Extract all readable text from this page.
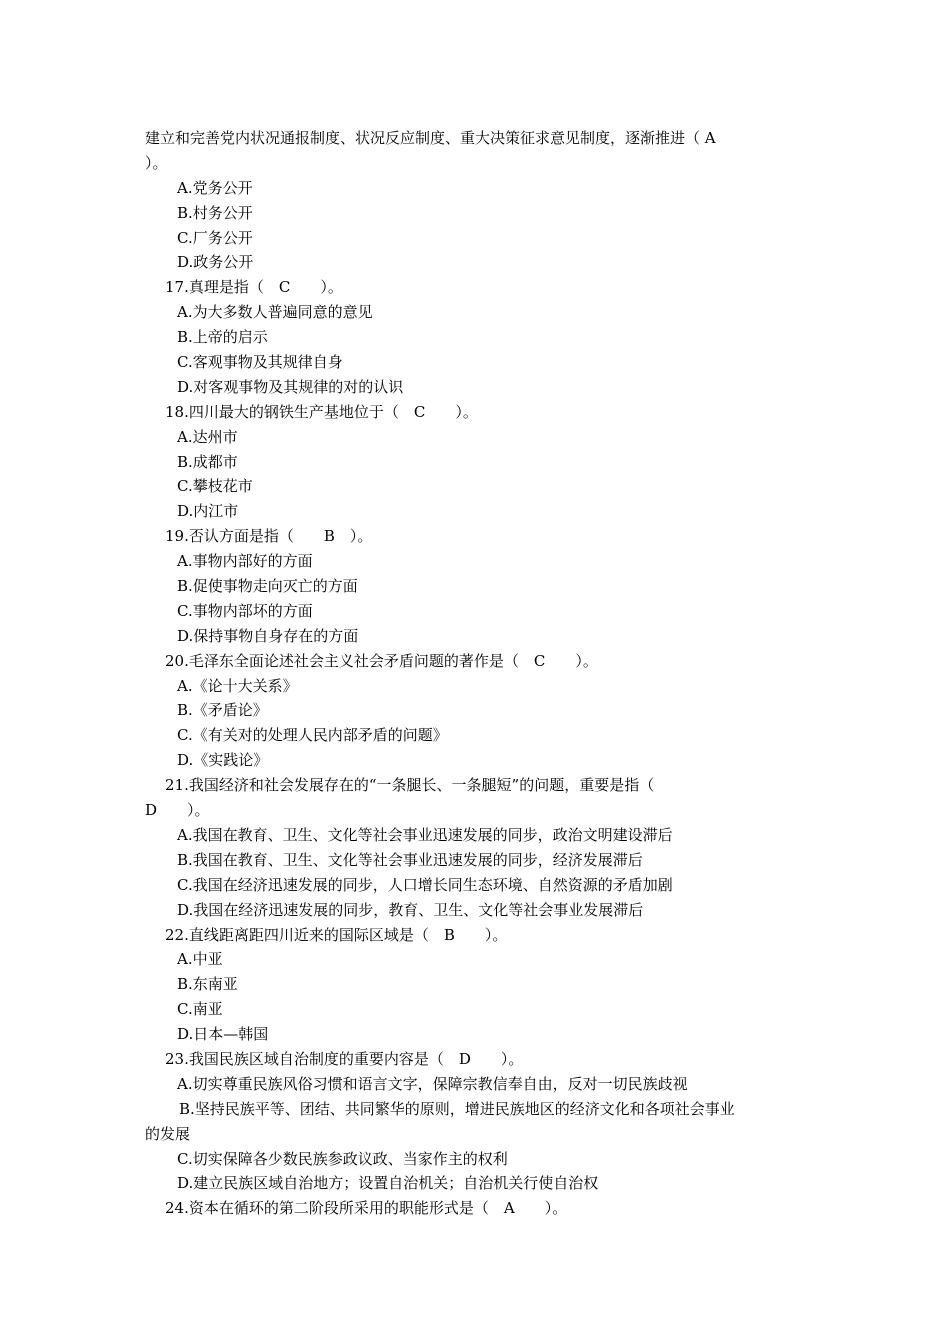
建立和完善党内状况通报制度、状况反应制度、重大决策征求意见制度，逐渐推进（ A
）。
A.党务公开
B.村务公开
C.厂务公开
D.政务公开
17.真理是指（　C　　）。
A.为大多数人普遍同意的意见
B.上帝的启示
C.客观事物及其规律自身
D.对客观事物及其规律的对的认识
18.四川最大的钢铁生产基地位于（　C　　）。
A.达州市
B.成都市
C.攀枝花市
D.内江市
19.否认方面是指（　　B　）。
A.事物内部好的方面
B.促使事物走向灭亡的方面
C.事物内部坏的方面
D.保持事物自身存在的方面
20.毛泽东全面论述社会主义社会矛盾问题的著作是（　C　　）。
A.《论十大关系》
B.《矛盾论》
C.《有关对的处理人民内部矛盾的问题》
D.《实践论》
21.我国经济和社会发展存在的“一条腿长、一条腿短”的问题，重要是指（
D　　）。
A.我国在教育、卫生、文化等社会事业迅速发展的同步，政治文明建设滞后
B.我国在教育、卫生、文化等社会事业迅速发展的同步，经济发展滞后
C.我国在经济迅速发展的同步，人口增长同生态环境、自然资源的矛盾加剧
D.我国在经济迅速发展的同步，教育、卫生、文化等社会事业发展滞后
22.直线距离距四川近来的国际区域是（　B　　）。
A.中亚
B.东南亚
C.南亚
D.日本—韩国
23.我国民族区域自治制度的重要内容是（　D　　）。
A.切实尊重民族风俗习惯和语言文字，保障宗教信奉自由，反对一切民族歧视
B.坚持民族平等、团结、共同繁华的原则，增进民族地区的经济文化和各项社会事业
的发展
C.切实保障各少数民族参政议政、当家作主的权利
D.建立民族区域自治地方；设置自治机关；自治机关行使自治权
24.资本在循环的第二阶段所采用的职能形式是（　A　　）。
